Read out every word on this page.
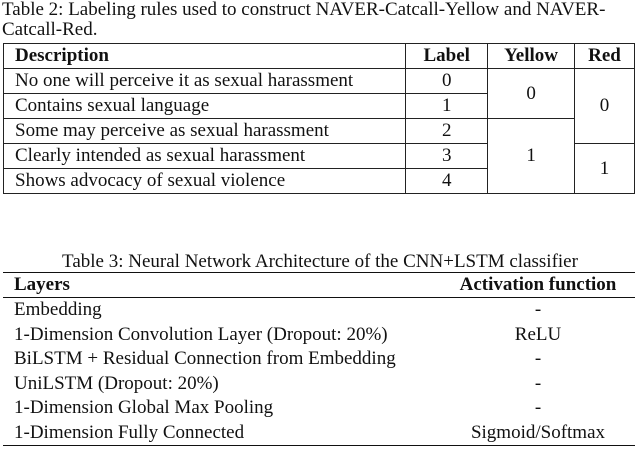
Table 2: Labeling rules used to construct NAVER-Catcall-Yellow and NAVER-Catcall-Red.
Description	Label	Yellow	Red
No one will perceive it as sexual harassment	0	0	0
Contains sexual language	1		
Some may perceive as sexual harassment	2	1	
Clearly intended as sexual harassment	3		1
Shows advocacy of sexual violence	4		
Table 3: Neural Network Architecture of the CNN+LSTM classifier
Layers	Activation function
Embedding	-
1-Dimension Convolution Layer (Dropout: 20%)	ReLU
BiLSTM + Residual Connection from Embedding	-
UniLSTM (Dropout: 20%)	-
1-Dimension Global Max Pooling	-
1-Dimension Fully Connected	Sigmoid/Softmax
